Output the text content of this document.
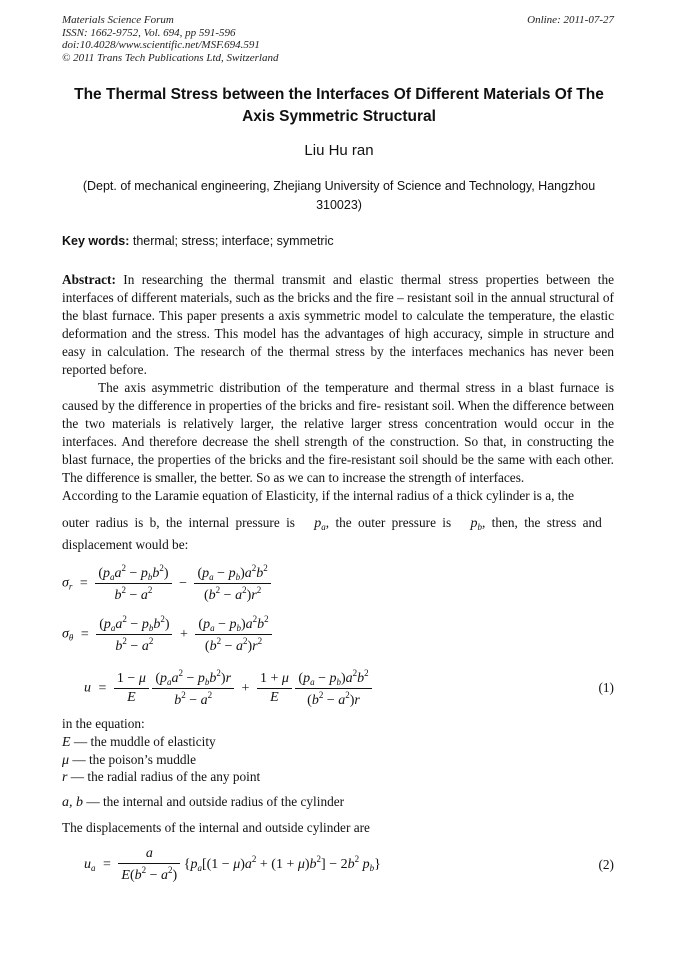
Materials Science Forum
ISSN: 1662-9752, Vol. 694, pp 591-596
doi:10.4028/www.scientific.net/MSF.694.591
© 2011 Trans Tech Publications Ltd, Switzerland
Online: 2011-07-27
The Thermal Stress between the Interfaces Of Different Materials Of The Axis Symmetric Structural
Liu Hu ran
(Dept. of mechanical engineering, Zhejiang University of Science and Technology, Hangzhou 310023)
Key words: thermal; stress; interface; symmetric
Abstract: In researching the thermal transmit and elastic thermal stress properties between the interfaces of different materials, such as the bricks and the fire – resistant soil in the annual structural of the blast furnace. This paper presents a axis symmetric model to calculate the temperature, the elastic deformation and the stress. This model has the advantages of high accuracy, simple in structure and easy in calculation. The research of the thermal stress by the interfaces mechanics has never been reported before.
The axis asymmetric distribution of the temperature and thermal stress in a blast furnace is caused by the difference in properties of the bricks and fire- resistant soil. When the difference between the two materials is relatively larger, the relative larger stress concentration would occur in the interfaces. And therefore decrease the shell strength of the construction. So that, in constructing the blast furnace, the properties of the bricks and the fire-resistant soil should be the same with each other. The difference is smaller, the better. So as we can to increase the strength of interfaces.
According to the Laramie equation of Elasticity, if the internal radius of a thick cylinder is a, the
outer radius is b, the internal pressure is   $p_a$, the outer pressure is   $p_b$, then, the stress and
displacement would be:
$\sigma_r = \frac{(p_aa^2 - p_bb^2)}{b^2 - a^2} - \frac{(p_a - p_b)a^2b^2}{(b^2 - a^2)r^2}$
$\sigma_\theta = \frac{(p_aa^2 - p_bb^2)}{b^2 - a^2} + \frac{(p_a - p_b)a^2b^2}{(b^2 - a^2)r^2}$
$u = \frac{1 - \mu}{E}$
$\frac{(p_aa^2 - p_bb^2)r}{b^2 - a^2} + \frac{1 + \mu}{E}$
$\frac{(p_a - p_b)a^2b^2}{(b^2 - a^2)r}$	(1)
in the equation:
E — the muddle of elasticity
μ — the poison’s muddle
r — the radial radius of the any point
a, b — the internal and outside radius of the cylinder
The displacements of the internal and outside cylinder are
$u_a = \frac{a}{E(b^2 - a^2)} \{p_a[(1 - \mu)a^2 + (1 + \mu)b^2] - 2b^2$ $p_b$}	(2)
